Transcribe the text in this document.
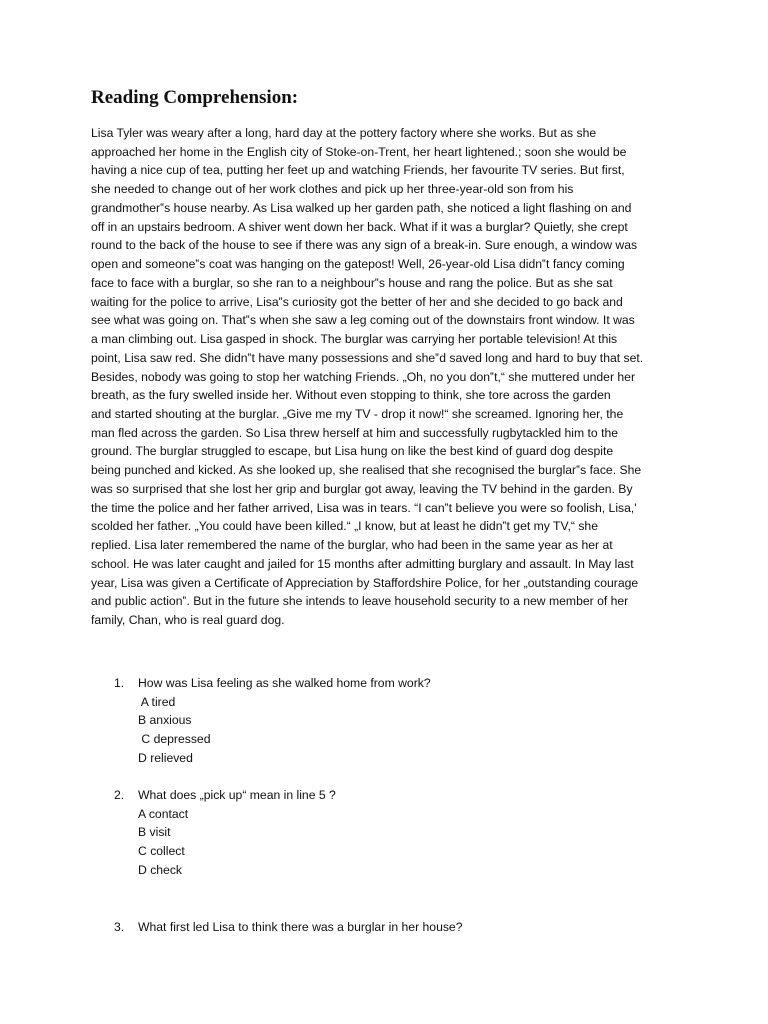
Reading Comprehension:
Lisa Tyler was weary after a long, hard day at the pottery factory where she works. But as she
approached her home in the English city of Stoke-on-Trent, her heart lightened.; soon she would be
having a nice cup of tea, putting her feet up and watching Friends, her favourite TV series. But first,
she needed to change out of her work clothes and pick up her three-year-old son from his
grandmother‟s house nearby. As Lisa walked up her garden path, she noticed a light flashing on and
off in an upstairs bedroom. A shiver went down her back. What if it was a burglar? Quietly, she crept
round to the back of the house to see if there was any sign of a break-in. Sure enough, a window was
open and someone‟s coat was hanging on the gatepost! Well, 26-year-old Lisa didn‟t fancy coming
face to face with a burglar, so she ran to a neighbour‟s house and rang the police. But as she sat
waiting for the police to arrive, Lisa‟s curiosity got the better of her and she decided to go back and
see what was going on. That‟s when she saw a leg coming out of the downstairs front window. It was
a man climbing out. Lisa gasped in shock. The burglar was carrying her portable television! At this
point, Lisa saw red. She didn‟t have many possessions and she‟d saved long and hard to buy that set.
Besides, nobody was going to stop her watching Friends. „Oh, no you don‟t,“ she muttered under her
breath, as the fury swelled inside her. Without even stopping to think, she tore across the garden
and started shouting at the burglar. „Give me my TV - drop it now!“ she screamed. Ignoring her, the
man fled across the garden. So Lisa threw herself at him and successfully rugbytackled him to the
ground. The burglar struggled to escape, but Lisa hung on like the best kind of guard dog despite
being punched and kicked. As she looked up, she realised that she recognised the burglar‟s face. She
was so surprised that she lost her grip and burglar got away, leaving the TV behind in the garden. By
the time the police and her father arrived, Lisa was in tears. “I can‟t believe you were so foolish, Lisa,'
scolded her father. „You could have been killed.“ „I know, but at least he didn‟t get my TV,“ she
replied. Lisa later remembered the name of the burglar, who had been in the same year as her at
school. He was later caught and jailed for 15 months after admitting burglary and assault. In May last
year, Lisa was given a Certificate of Appreciation by Staffordshire Police, for her „outstanding courage
and public action‟. But in the future she intends to leave household security to a new member of her
family, Chan, who is real guard dog.
1. How was Lisa feeling as she walked home from work?
A tired
B anxious
C depressed
D relieved
2. What does „pick up“ mean in line 5 ?
A contact
B visit
C collect
D check
3. What first led Lisa to think there was a burglar in her house?
